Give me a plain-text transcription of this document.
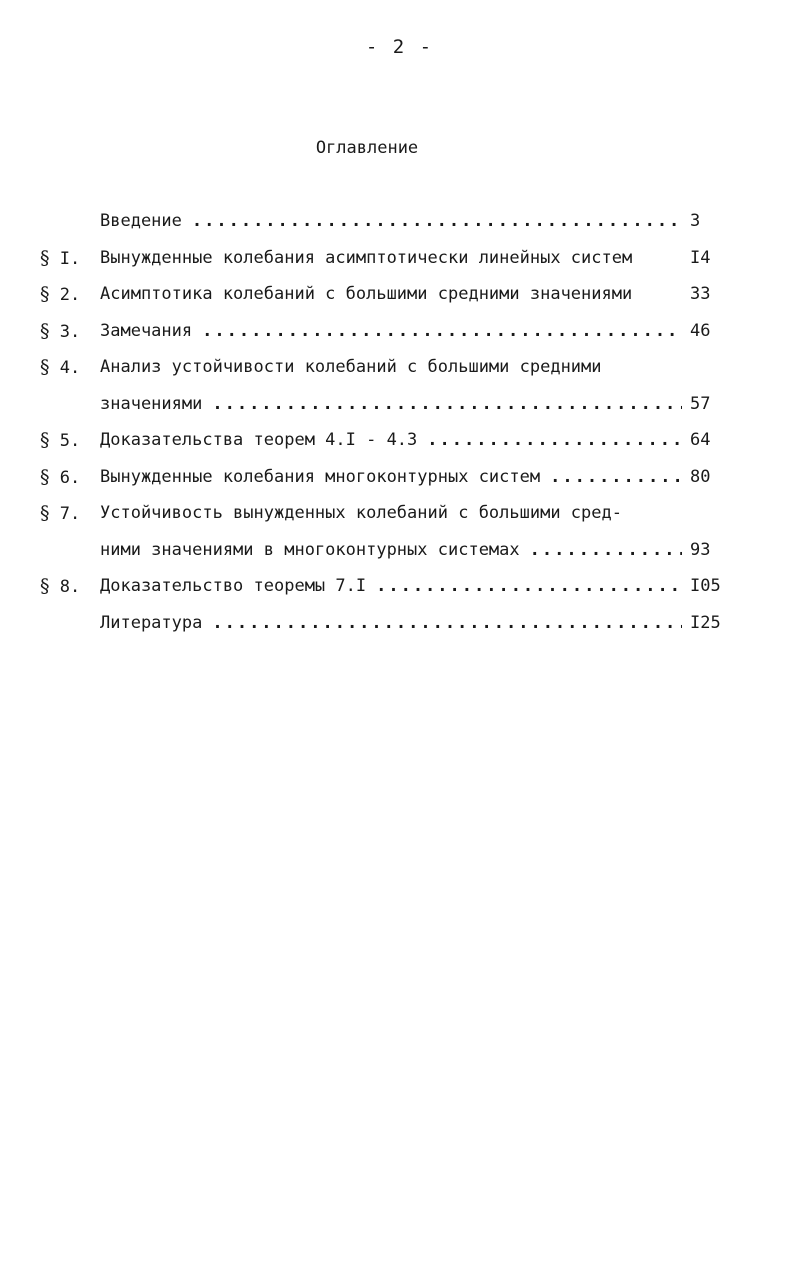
- 2 -
Оглавление
Введение .....	3
§ I.	Вынужденные колебания асимптотически линейных систем	I4
§ 2.	Асимптотика колебаний с большими средними значениями	33
§ 3.	Замечания .....	46
§ 4.	Анализ устойчивости колебаний с большими средними
значениями .....	57
§ 5.	Доказательства теорем 4.I - 4.3 .....	64
§ 6.	Вынужденные колебания многоконтурных систем .....	80
§ 7.	Устойчивость вынужденных колебаний с большими сред-
ними значениями в многоконтурных системах .....	93
§ 8.	Доказательство теоремы 7.I .....	I05
Литература .....	I25
